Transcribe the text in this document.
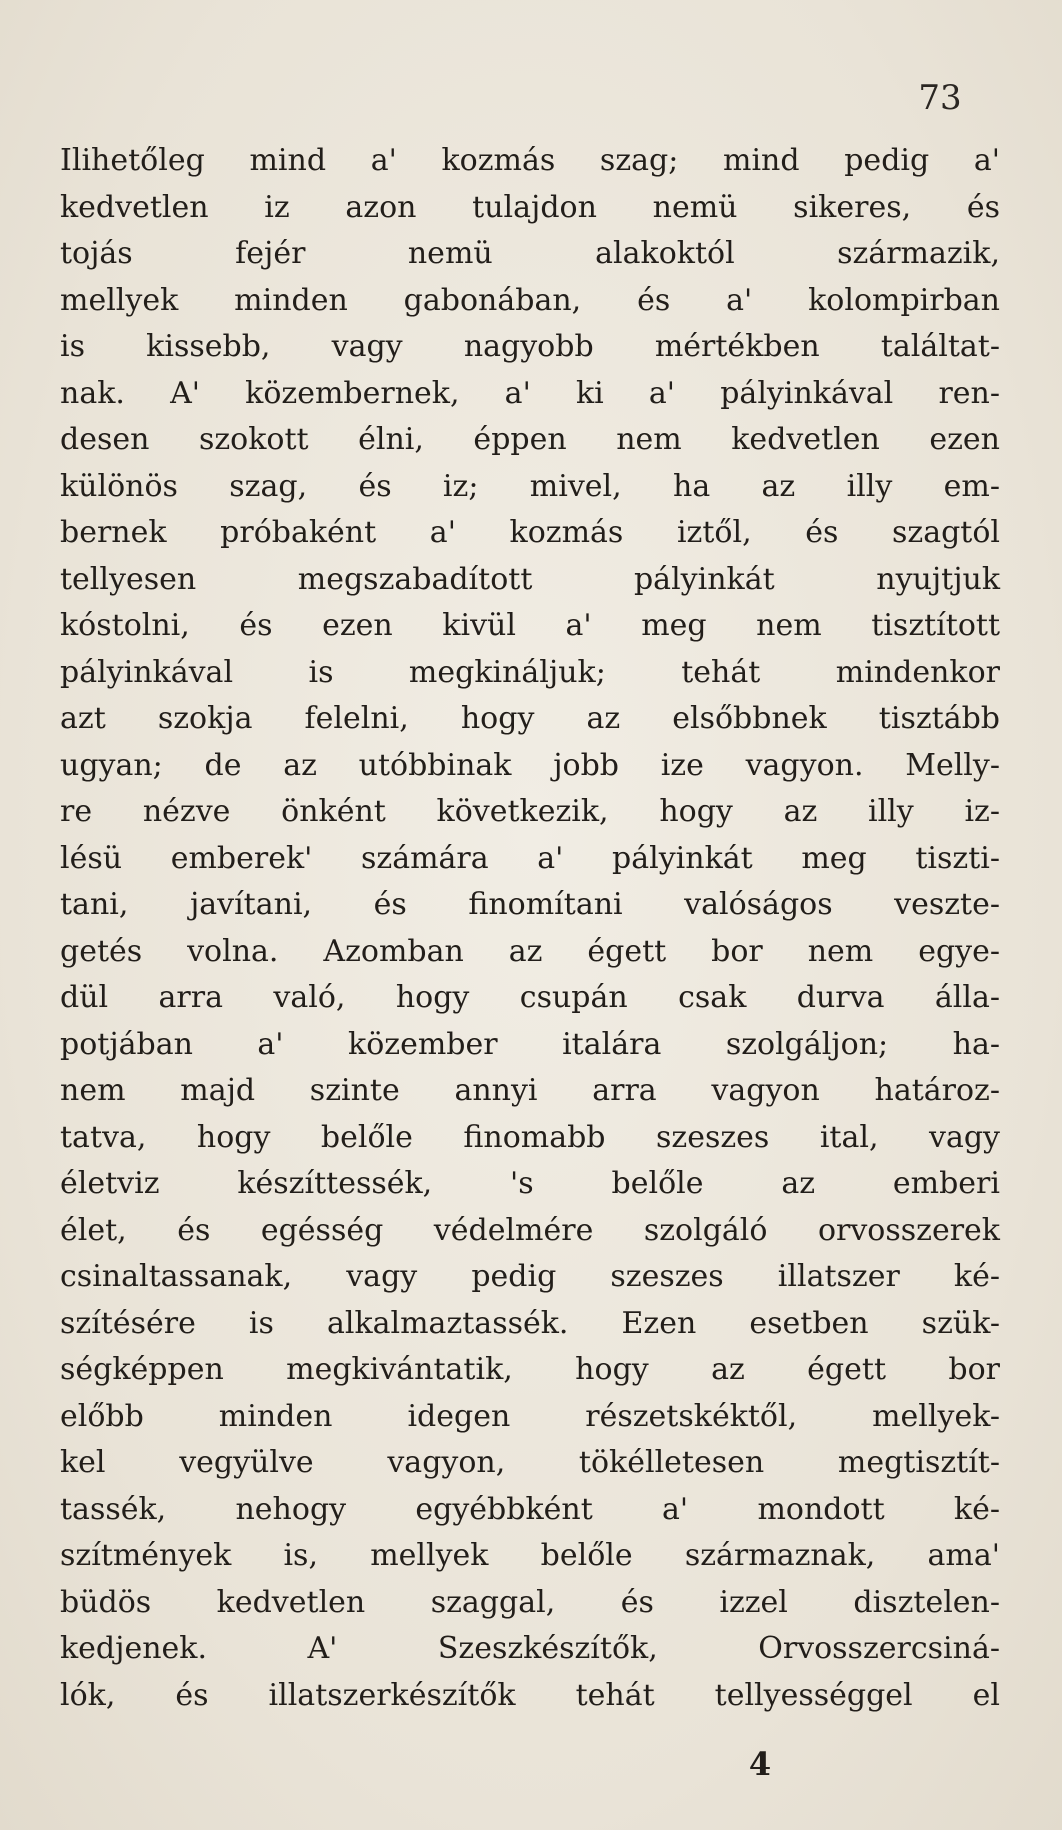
73
Ilihetőleg mind a' kozmás szag; mind pedig a'
kedvetlen iz azon tulajdon nemü sikeres, és
tojás fejér nemü alakoktól származik,
mellyek minden gabonában, és a' kolompirban
is kissebb, vagy nagyobb mértékben találtat-
nak. A' közembernek, a' ki a' pályinkával ren-
desen szokott élni, éppen nem kedvetlen ezen
különös szag, és iz; mivel, ha az illy em-
bernek próbaként a' kozmás iztől, és szagtól
tellyesen megszabadított pályinkát nyujtjuk
kóstolni, és ezen kivül a' meg nem tisztított
pályinkával is megkináljuk; tehát mindenkor
azt szokja felelni, hogy az elsőbbnek tisztább
ugyan; de az utóbbinak jobb ize vagyon. Melly-
re nézve önként következik, hogy az illy iz-
lésü emberek' számára a' pályinkát meg tiszti-
tani, javítani, és finomítani valóságos veszte-
getés volna. Azomban az égett bor nem egye-
dül arra való, hogy csupán csak durva álla-
potjában a' közember italára szolgáljon; ha-
nem majd szinte annyi arra vagyon határoz-
tatva, hogy belőle finomabb szeszes ital, vagy
életviz készíttessék, 's belőle az emberi
élet, és egésség védelmére szolgáló orvosszerek
csinaltassanak, vagy pedig szeszes illatszer ké-
szítésére is alkalmaztassék. Ezen esetben szük-
ségképpen megkivántatik, hogy az égett bor
előbb minden idegen részetskéktől, mellyek-
kel vegyülve vagyon, tökélletesen megtisztít-
tassék, nehogy egyébbként a' mondott ké-
szítmények is, mellyek belőle származnak, ama'
büdös kedvetlen szaggal, és izzel disztelen-
kedjenek. A' Szeszkészítők, Orvosszercsiná-
lók, és illatszerkészítők tehát tellyességgel el
4
